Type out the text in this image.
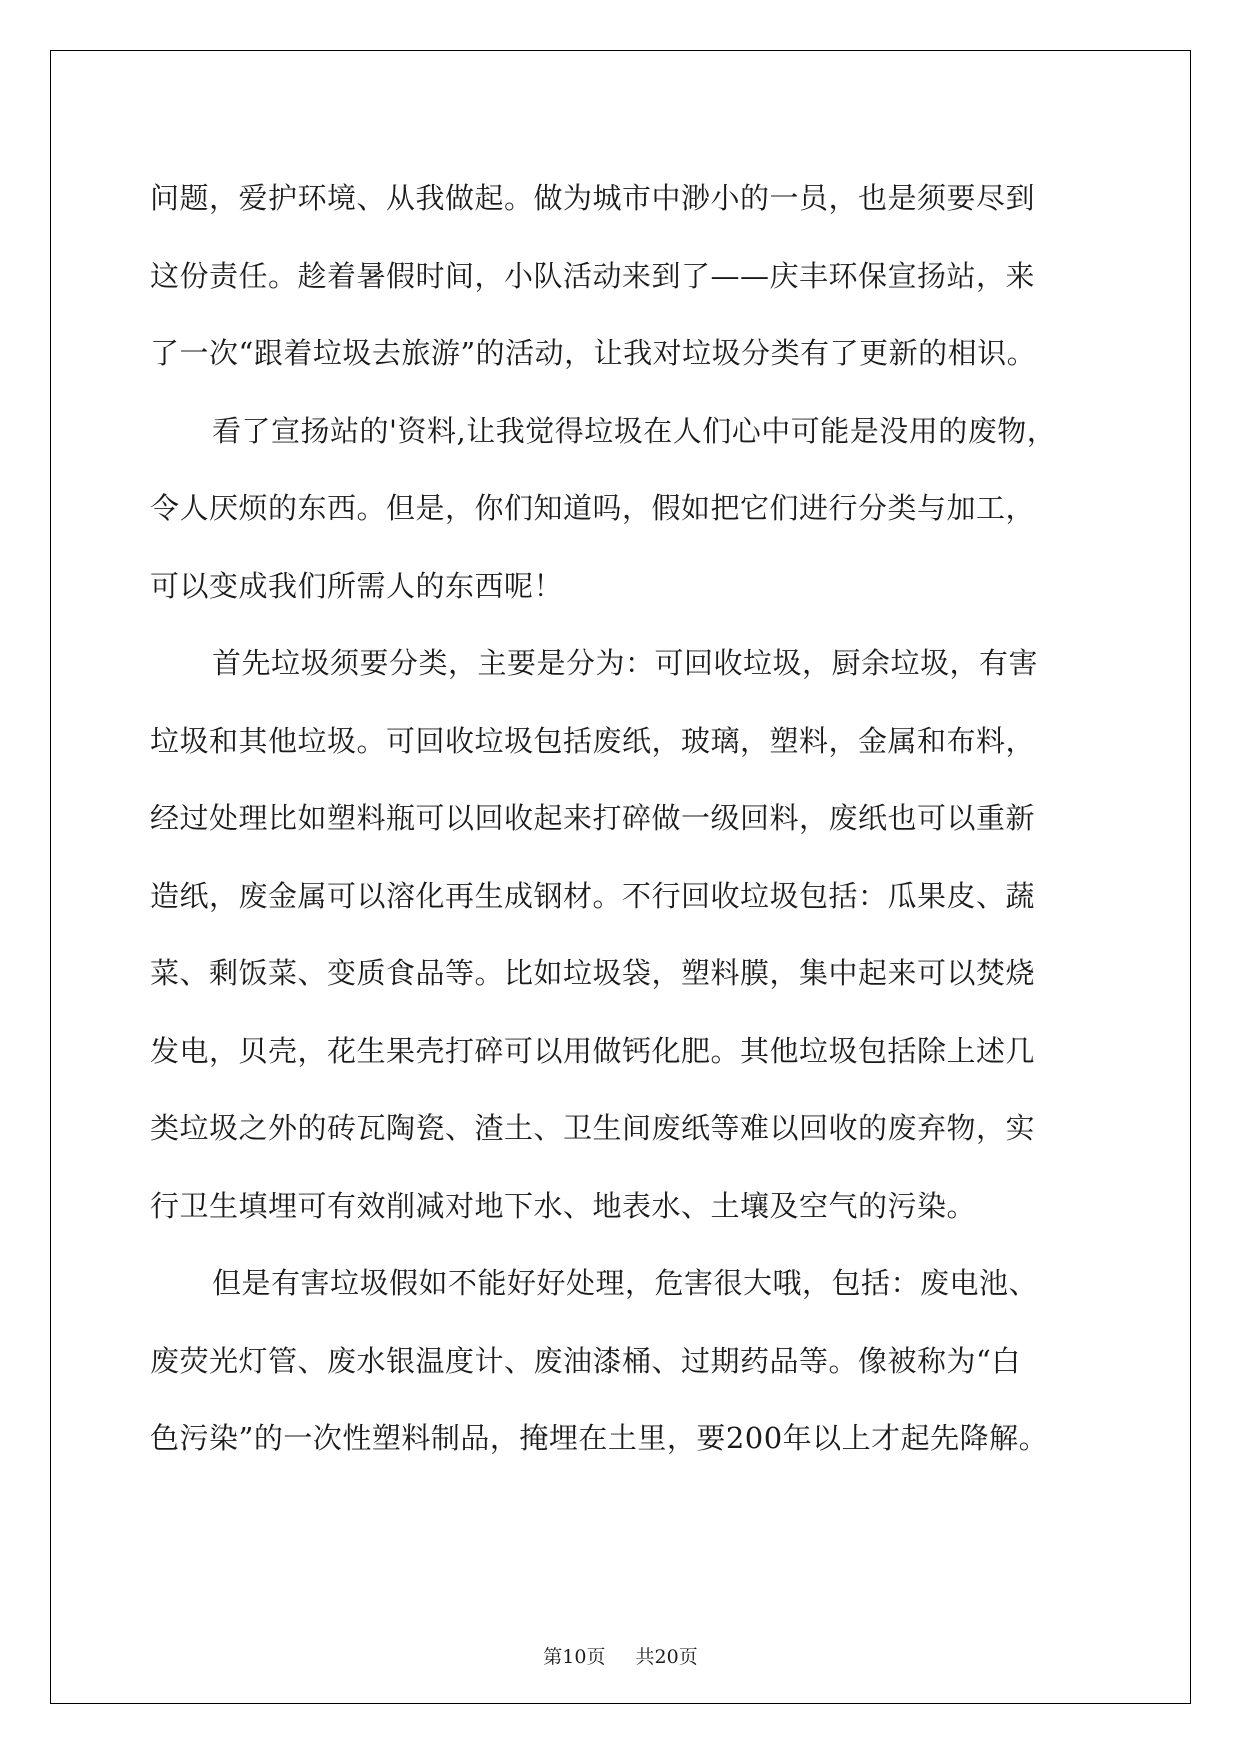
问题，爱护环境、从我做起。做为城市中渺小的一员，也是须要尽到
这份责任。趁着暑假时间，小队活动来到了——庆丰环保宣扬站，来
了一次“跟着垃圾去旅游”的活动，让我对垃圾分类有了更新的相识。
看了宣扬站的'资料,让我觉得垃圾在人们心中可能是没用的废物，
令人厌烦的东西。但是，你们知道吗，假如把它们进行分类与加工，
可以变成我们所需人的东西呢！
首先垃圾须要分类，主要是分为：可回收垃圾，厨余垃圾，有害
垃圾和其他垃圾。可回收垃圾包括废纸，玻璃，塑料，金属和布料，
经过处理比如塑料瓶可以回收起来打碎做一级回料，废纸也可以重新
造纸，废金属可以溶化再生成钢材。不行回收垃圾包括：瓜果皮、蔬
菜、剩饭菜、变质食品等。比如垃圾袋，塑料膜，集中起来可以焚烧
发电，贝壳，花生果壳打碎可以用做钙化肥。其他垃圾包括除上述几
类垃圾之外的砖瓦陶瓷、渣土、卫生间废纸等难以回收的废弃物，实
行卫生填埋可有效削减对地下水、地表水、土壤及空气的污染。
但是有害垃圾假如不能好好处理，危害很大哦，包括：废电池、
废荧光灯管、废水银温度计、废油漆桶、过期药品等。像被称为“白
色污染”的一次性塑料制品，掩埋在土里，要200年以上才起先降解。
第10页 共20页
